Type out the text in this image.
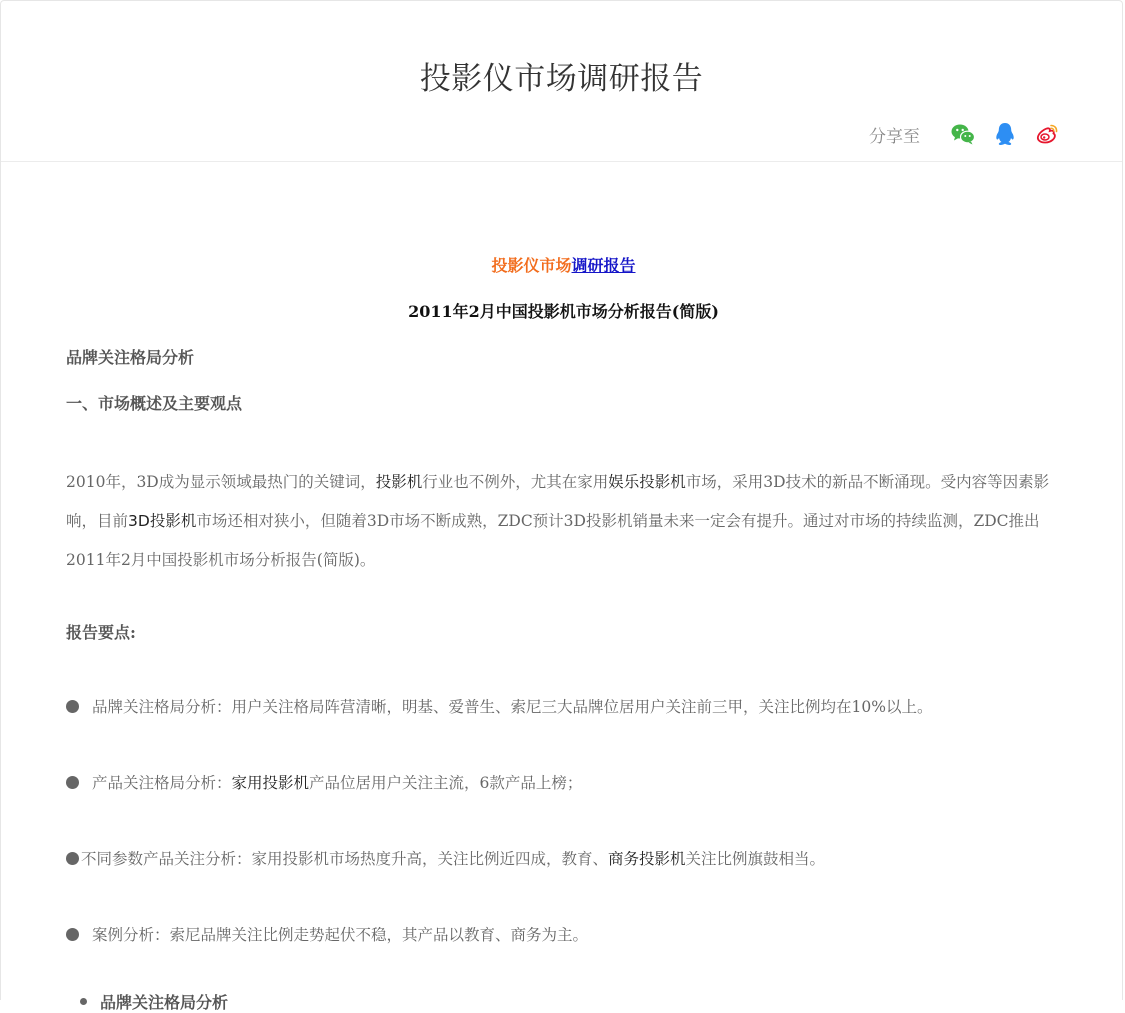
投影仪市场调研报告
分享至
投影仪市场调研报告
2011年2月中国投影机市场分析报告(简版)
品牌关注格局分析
一、市场概述及主要观点
2010年，3D成为显示领域最热门的关键词，投影机行业也不例外，尤其在家用娱乐投影机市场，采用3D技术的新品不断涌现。受内容等因素影响，目前3D投影机市场还相对狭小，但随着3D市场不断成熟，ZDC预计3D投影机销量未来一定会有提升。通过对市场的持续监测，ZDC推出2011年2月中国投影机市场分析报告(简版)。
报告要点:
品牌关注格局分析：用户关注格局阵营清晰，明基、爱普生、索尼三大品牌位居用户关注前三甲，关注比例均在10%以上。
产品关注格局分析：家用投影机产品位居用户关注主流，6款产品上榜；
不同参数产品关注分析：家用投影机市场热度升高，关注比例近四成，教育、商务投影机关注比例旗鼓相当。
案例分析：索尼品牌关注比例走势起伏不稳，其产品以教育、商务为主。
品牌关注格局分析
